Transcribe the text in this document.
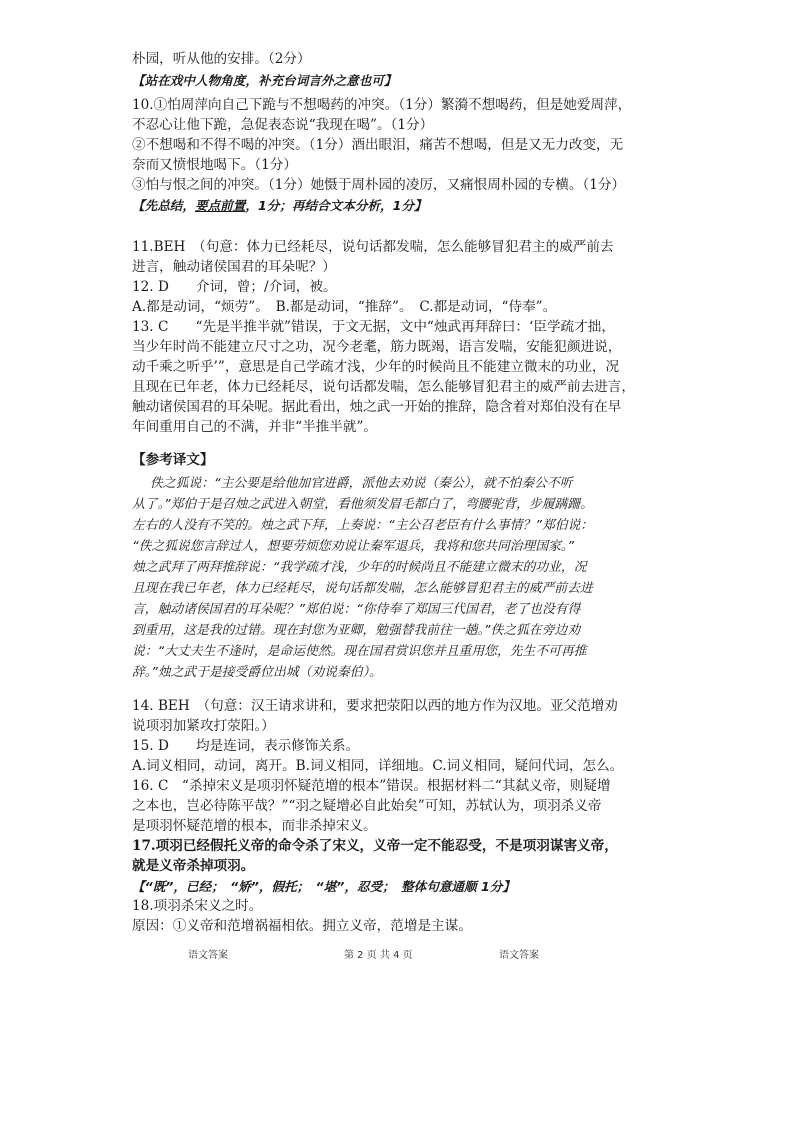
朴园，听从他的安排。（2分）
【站在戏中人物角度，补充台词言外之意也可】
10.①怕周萍向自己下跪与不想喝药的冲突。（1分）繁漪不想喝药，但是她爱周萍，
不忍心让他下跪，急促表态说“我现在喝”。（1分）
②不想喝和不得不喝的冲突。（1分）酒出眼泪，痛苦不想喝，但是又无力改变，无
奈而又愤恨地喝下。（1分）
③怕与恨之间的冲突。（1分）她慑于周朴园的凌厉，又痛恨周朴园的专横。（1分）
【先总结，要点前置，1分；再结合文本分析，1分】
11.BEH　（句意：体力已经耗尽，说句话都发喘，怎么能够冒犯君主的威严前去
进言，触动诸侯国君的耳朵呢？）
12. D　　介词，曾；/介词，被。
A.都是动词，“烦劳”。　B.都是动词，“推辞”。　C.都是动词，“侍奉”。
13. C　　“先是半推半就”错误，于文无据，文中“烛武再拜辞曰：‘臣学疏才拙，
当少年时尚不能建立尺寸之功，况今老耄，筋力既竭，语言发喘，安能犯颜进说，
动千乘之听乎’”，意思是自己学疏才浅，少年的时候尚且不能建立微末的功业，况
且现在已年老，体力已经耗尽，说句话都发喘，怎么能够冒犯君主的威严前去进言，
触动诸侯国君的耳朵呢。据此看出，烛之武一开始的推辞，隐含着对郑伯没有在早
年间重用自己的不满，并非“半推半就”。
【参考译文】
佚之狐说：“主公要是给他加官进爵，派他去劝说（秦公），就不怕秦公不听
从了。”郑伯于是召烛之武进入朝堂，看他须发眉毛都白了，弯腰驼背，步履蹒跚。
左右的人没有不笑的。烛之武下拜，上奏说：“主公召老臣有什么事情？”郑伯说：
“佚之狐说您言辞过人，想要劳烦您劝说让秦军退兵，我将和您共同治理国家。”
烛之武拜了两拜推辞说：“我学疏才浅，少年的时候尚且不能建立微末的功业，况
且现在我已年老，体力已经耗尽，说句话都发喘，怎么能够冒犯君主的威严前去进
言，触动诸侯国君的耳朵呢？”郑伯说：“你侍奉了郑国三代国君，老了也没有得
到重用，这是我的过错。现在封您为亚卿，勉强替我前往一趟。”佚之狐在旁边劝
说：“大丈夫生不逢时，是命运使然。现在国君赏识您并且重用您，先生不可再推
辞。”烛之武于是接受爵位出城（劝说秦伯）。
14. BEH　（句意：汉王请求讲和，要求把荥阳以西的地方作为汉地。亚父范增劝
说项羽加紧攻打荥阳。）
15. D　　均是连词，表示修饰关系。
A.词义相同，动词，离开。B.词义相同，详细地。C.词义相同，疑问代词，怎么。
16. C　“杀掉宋义是项羽怀疑范增的根本”错误。根据材料二“其弑义帝，则疑增
之本也，岂必待陈平哉？”“羽之疑增必自此始矣”可知，苏轼认为，项羽杀义帝
是项羽怀疑范增的根本，而非杀掉宋义。
17.项羽已经假托义帝的命令杀了宋义，义帝一定不能忍受，不是项羽谋害义帝，
就是义帝杀掉项羽。
【“既”，已经；　“矫”，假托；　“堪”，忍受；　整体句意通顺 1分】
18.项羽杀宋义之时。
原因：①义帝和范增祸福相依。拥立义帝，范增是主谋。
语文答案	第 2 页 共 4 页	语文答案
